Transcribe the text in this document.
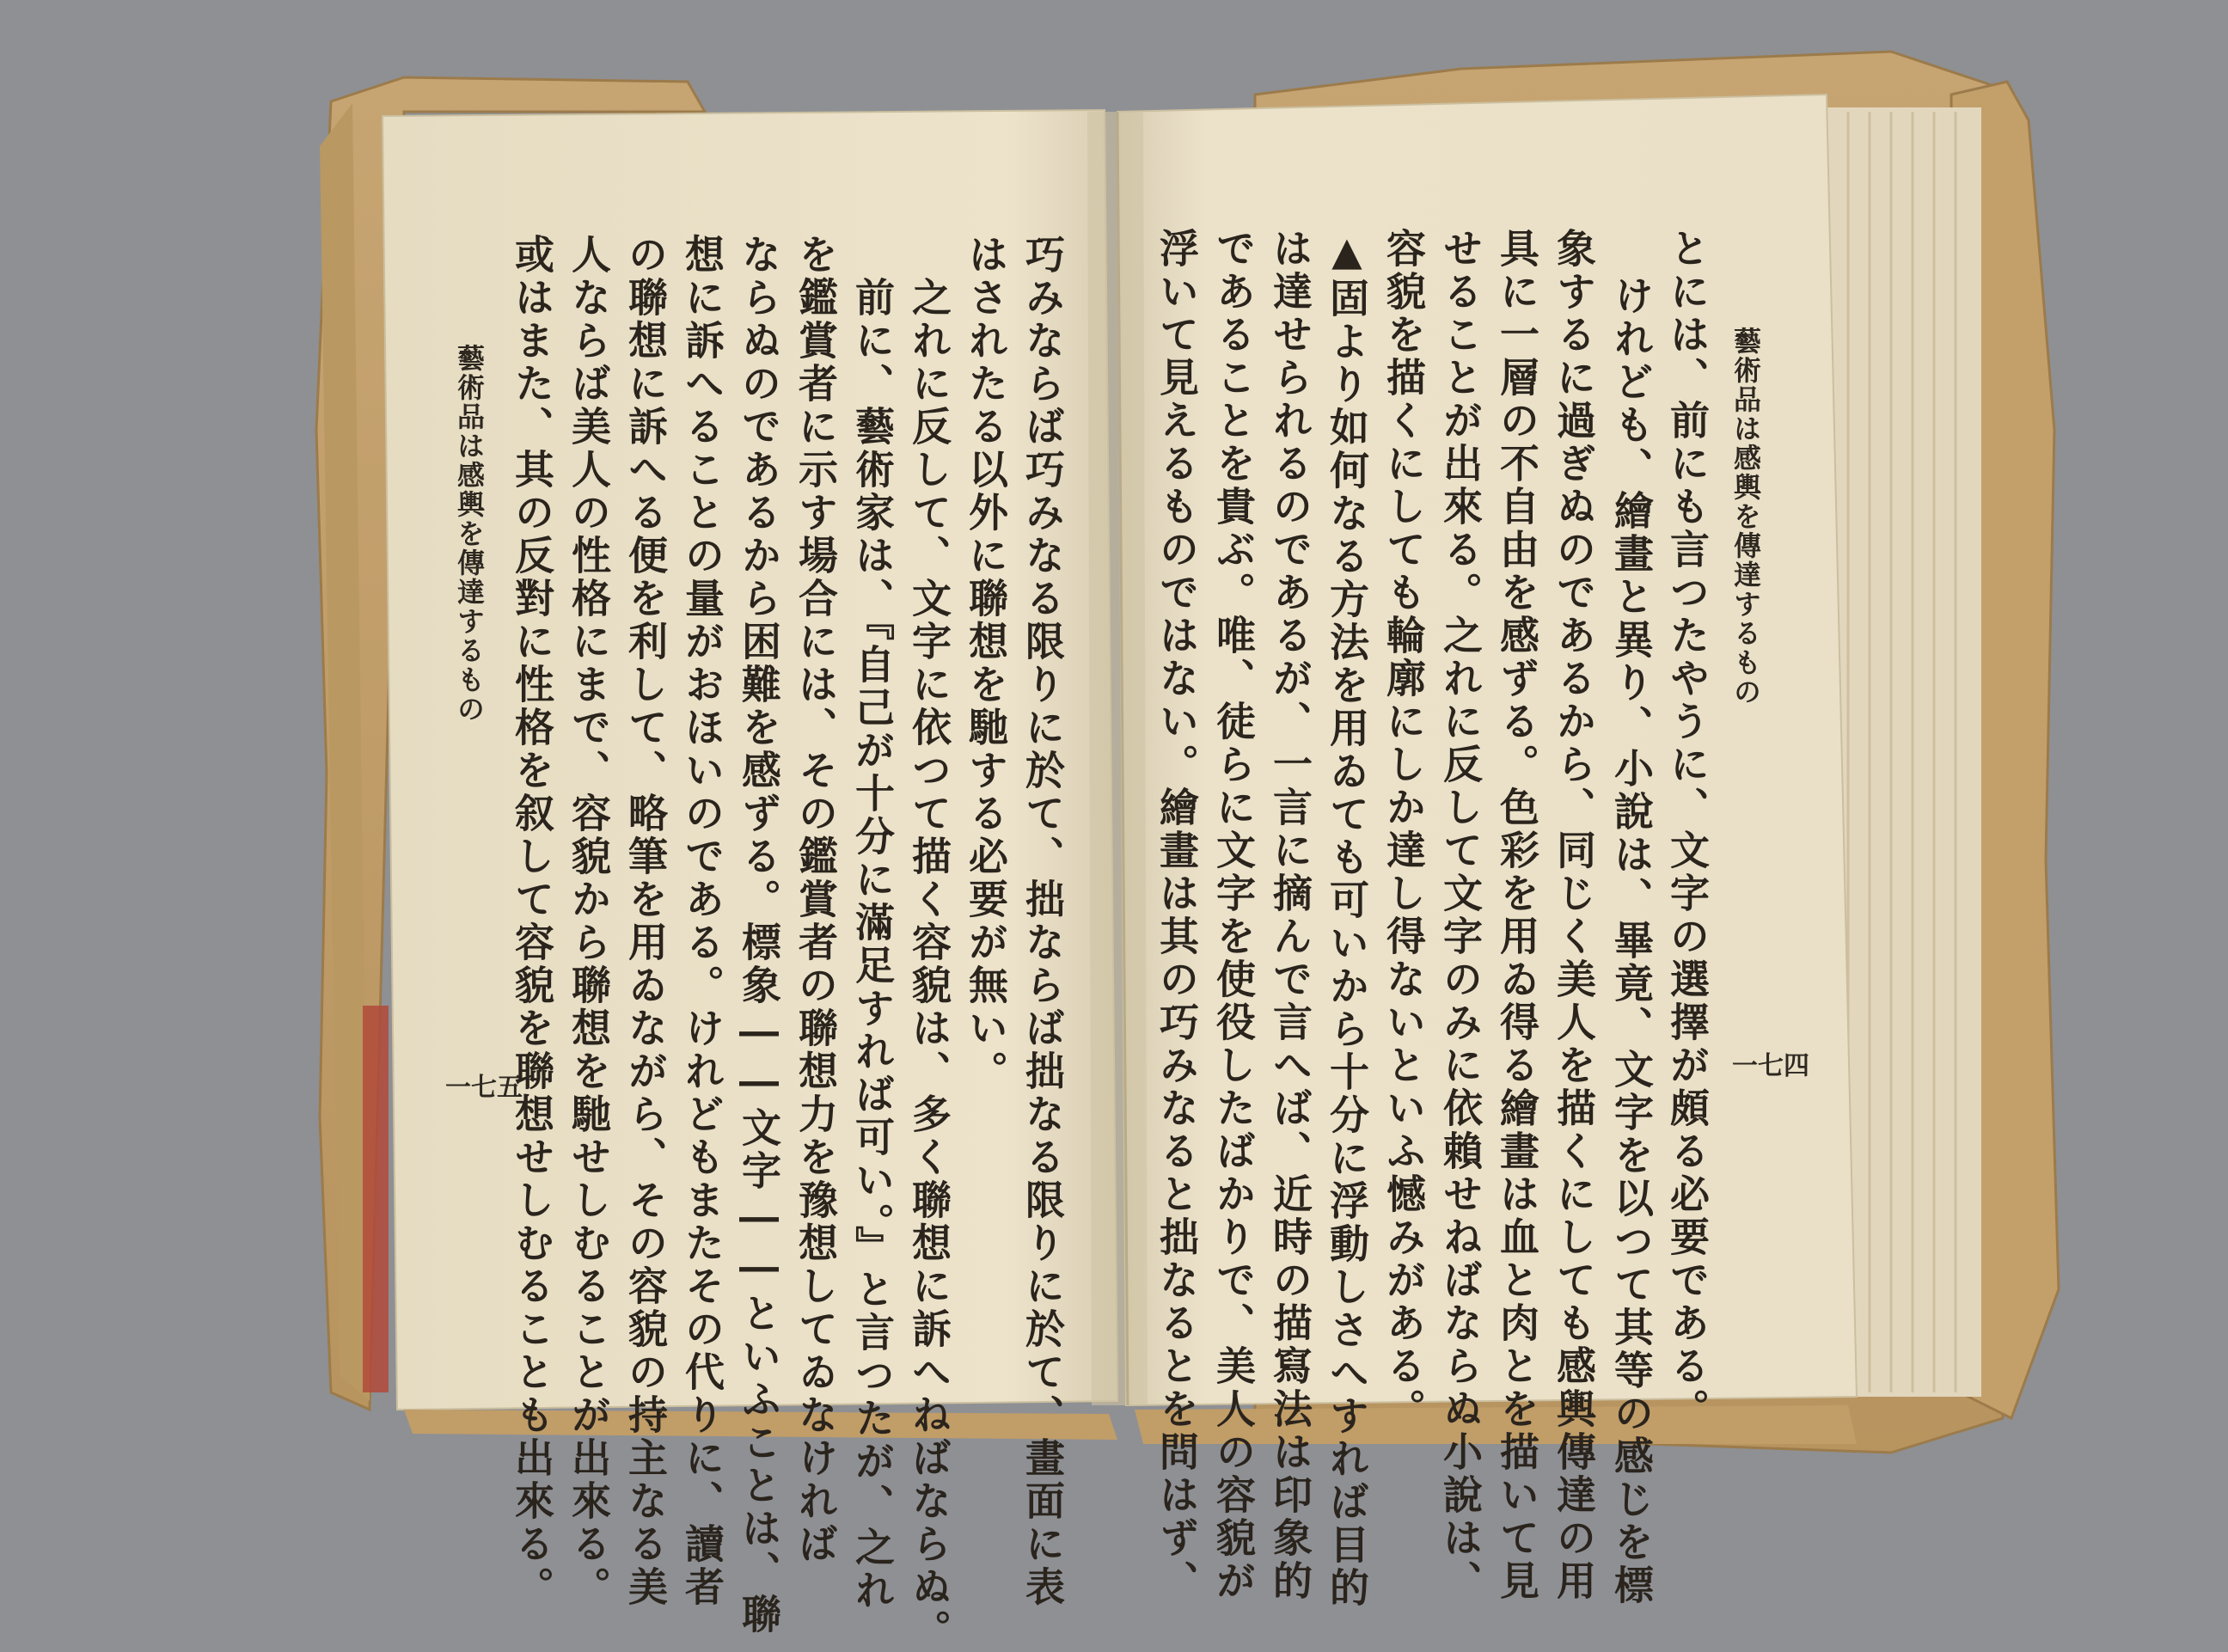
藝術品は感輿を傳達するもの
一七四
とには、前にも言つたやうに、文字の選擇が頗る必要である。
けれども、繪畫と異り、小說は、畢竟、文字を以つて其等の感じを標
象するに過ぎぬのであるから、同じく美人を描くにしても感輿傳達の用
具に一層の不自由を感ずる。色彩を用ゐ得る繪畫は血と肉とを描いて見
せることが出來る。之れに反して文字のみに依賴せねばならぬ小說は、
容貌を描くにしても輪廓にしか達し得ないといふ憾みがある。
▲固より如何なる方法を用ゐても可いから十分に浮動しさへすれば目的
は達せられるのであるが、一言に摘んで言へば、近時の描寫法は印象的
であることを貴ぶ。唯、徒らに文字を使役したばかりで、美人の容貌が
浮いて見えるものではない。繪畫は其の巧みなると拙なるとを問はず、
巧みならば巧みなる限りに於て、拙ならば拙なる限りに於て、畫面に表
はされたる以外に聯想を馳する必要が無い。
之れに反して、文字に依つて描く容貌は、多く聯想に訴へねばならぬ。
前に、藝術家は、『自己が十分に滿足すれば可い。』と言つたが、之れ
を鑑賞者に示す場合には、その鑑賞者の聯想力を豫想してゐなければ
ならぬのであるから困難を感ずる。標象――文字――といふことは、聯
想に訴へることの量がおほいのである。けれどもまたその代りに、讀者
の聯想に訴へる便を利して、略筆を用ゐながら、その容貌の持主なる美
人ならば美人の性格にまで、容貌から聯想を馳せしむることが出來る。
或はまた、其の反對に性格を叙して容貌を聯想せしむることも出來る。
藝術品は感輿を傳達するもの
一七五
